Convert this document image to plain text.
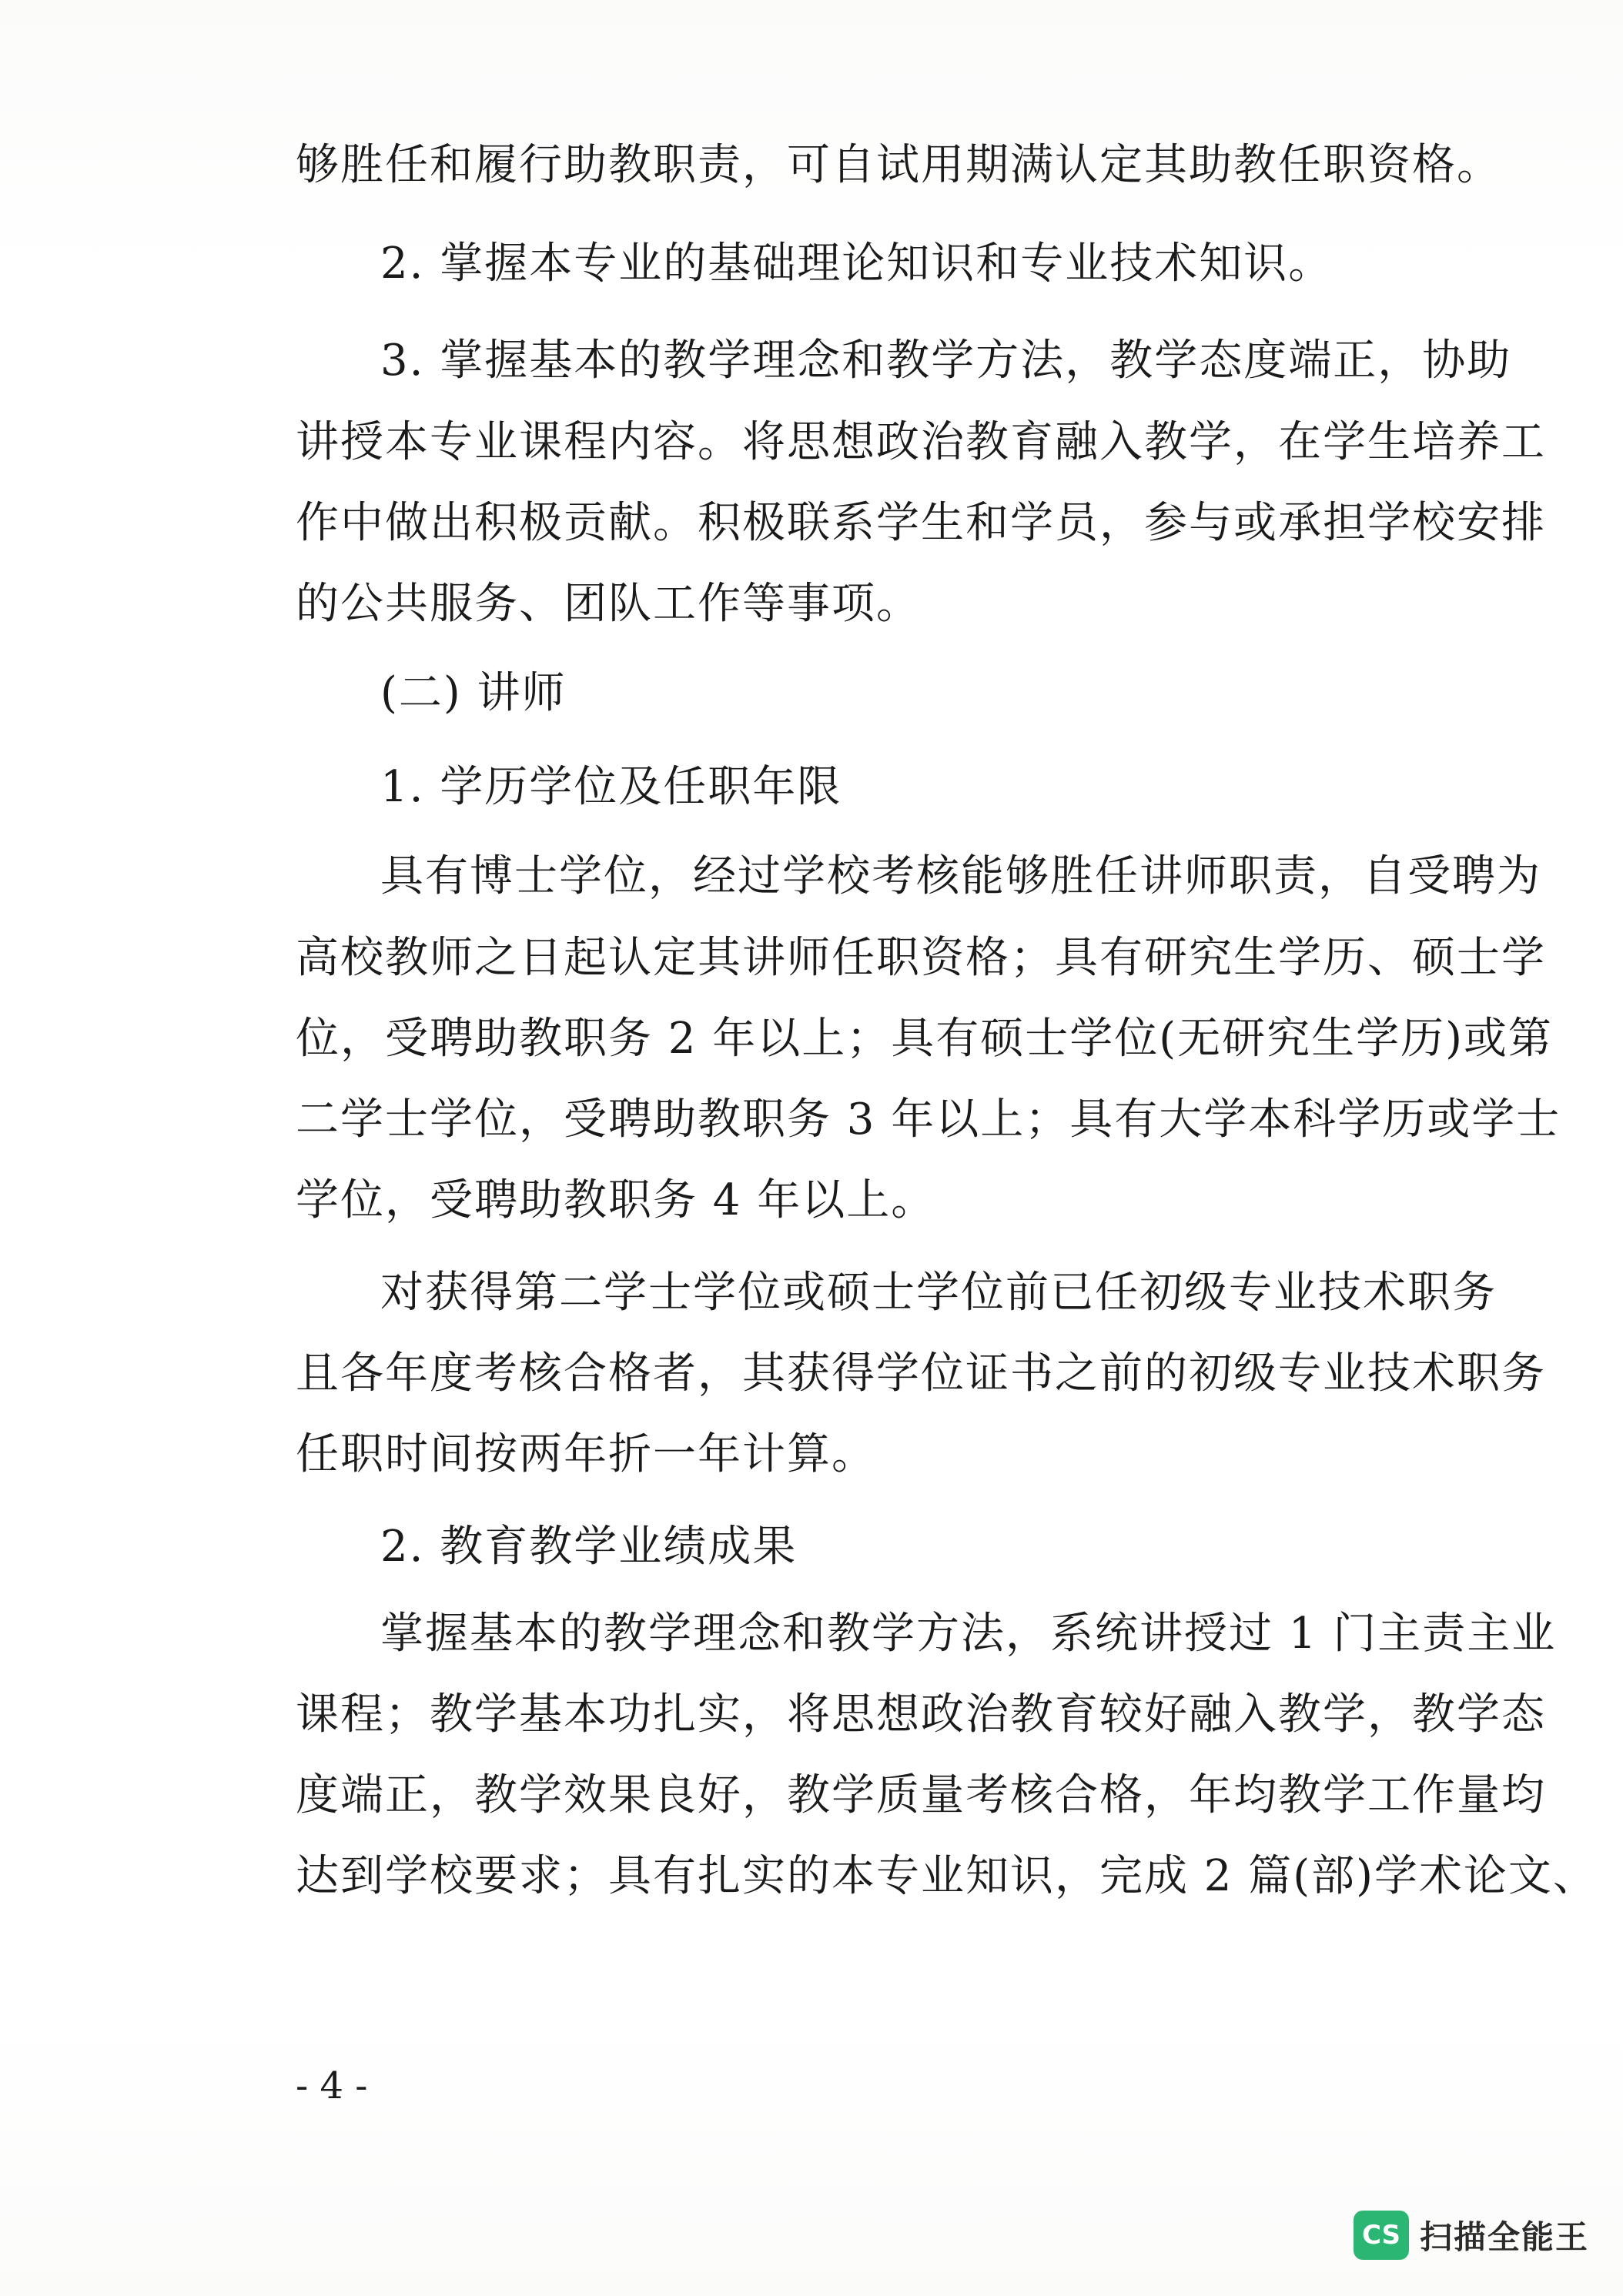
够胜任和履行助教职责，可自试用期满认定其助教任职资格。
2. 掌握本专业的基础理论知识和专业技术知识。
3. 掌握基本的教学理念和教学方法，教学态度端正，协助
讲授本专业课程内容。将思想政治教育融入教学，在学生培养工
作中做出积极贡献。积极联系学生和学员，参与或承担学校安排
的公共服务、团队工作等事项。
(二) 讲师
1. 学历学位及任职年限
具有博士学位，经过学校考核能够胜任讲师职责，自受聘为
高校教师之日起认定其讲师任职资格；具有研究生学历、硕士学
位，受聘助教职务 2 年以上；具有硕士学位(无研究生学历)或第
二学士学位，受聘助教职务 3 年以上；具有大学本科学历或学士
学位，受聘助教职务 4 年以上。
对获得第二学士学位或硕士学位前已任初级专业技术职务
且各年度考核合格者，其获得学位证书之前的初级专业技术职务
任职时间按两年折一年计算。
2. 教育教学业绩成果
掌握基本的教学理念和教学方法，系统讲授过 1 门主责主业
课程；教学基本功扎实，将思想政治教育较好融入教学，教学态
度端正，教学效果良好，教学质量考核合格，年均教学工作量均
达到学校要求；具有扎实的本专业知识，完成 2 篇(部)学术论文、
- 4 -
CS 扫描全能王
